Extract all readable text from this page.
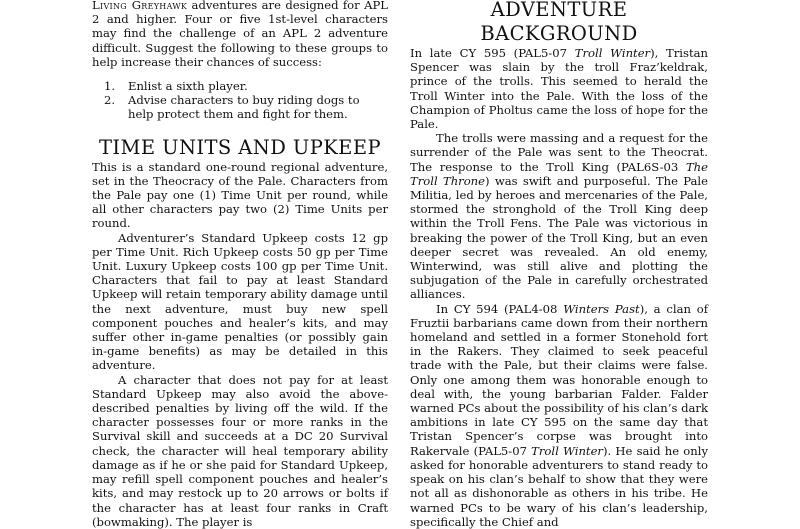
Living Greyhawk adventures are designed for APL 2 and higher. Four or five 1st-level characters may find the challenge of an APL 2 adventure difficult. Suggest the following to these groups to help increase their chances of success:

1. Enlist a sixth player.
2. Advise characters to buy riding dogs to help protect them and fight for them.
TIME UNITS AND UPKEEP

This is a standard one-round regional adventure, set in the Theocracy of the Pale. Characters from the Pale pay one (1) Time Unit per round, while all other characters pay two (2) Time Units per round.

Adventurer’s Standard Upkeep costs 12 gp per Time Unit. Rich Upkeep costs 50 gp per Time Unit. Luxury Upkeep costs 100 gp per Time Unit. Characters that fail to pay at least Standard Upkeep will retain temporary ability damage until the next adventure, must buy new spell component pouches and healer’s kits, and may suffer other in-game penalties (or possibly gain in-game benefits) as may be detailed in this adventure.

A character that does not pay for at least Standard Upkeep may also avoid the above-described penalties by living off the wild. If the character possesses four or more ranks in the Survival skill and succeeds at a DC 20 Survival check, the character will heal temporary ability damage as if he or she paid for Standard Upkeep, may refill spell component pouches and healer’s kits, and may restock up to 20 arrows or bolts if the character has at least four ranks in Craft (bowmaking). The player is

ADVENTURE BACKGROUND

In late CY 595 (PAL5-07 Troll Winter), Tristan Spencer was slain by the troll Fraz’keldrak, prince of the trolls. This seemed to herald the Troll Winter into the Pale. With the loss of the Champion of Pholtus came the loss of hope for the Pale.

The trolls were massing and a request for the surrender of the Pale was sent to the Theocrat. The response to the Troll King (PAL6S-03 The Troll Throne) was swift and purposeful. The Pale Militia, led by heroes and mercenaries of the Pale, stormed the stronghold of the Troll King deep within the Troll Fens. The Pale was victorious in breaking the power of the Troll King, but an even deeper secret was revealed. An old enemy, Winterwind, was still alive and plotting the subjugation of the Pale in carefully orchestrated alliances.

In CY 594 (PAL4-08 Winters Past), a clan of Fruztii barbarians came down from their northern homeland and settled in a former Stonehold fort in the Rakers. They claimed to seek peaceful trade with the Pale, but their claims were false. Only one among them was honorable enough to deal with, the young barbarian Falder. Falder warned PCs about the possibility of his clan’s dark ambitions in late CY 595 on the same day that Tristan Spencer’s corpse was brought into Rakervale (PAL5-07 Troll Winter). He said he only asked for honorable adventurers to stand ready to speak on his clan’s behalf to show that they were not all as dishonorable as others in his tribe. He warned PCs to be wary of his clan’s leadership, specifically the Chief and
